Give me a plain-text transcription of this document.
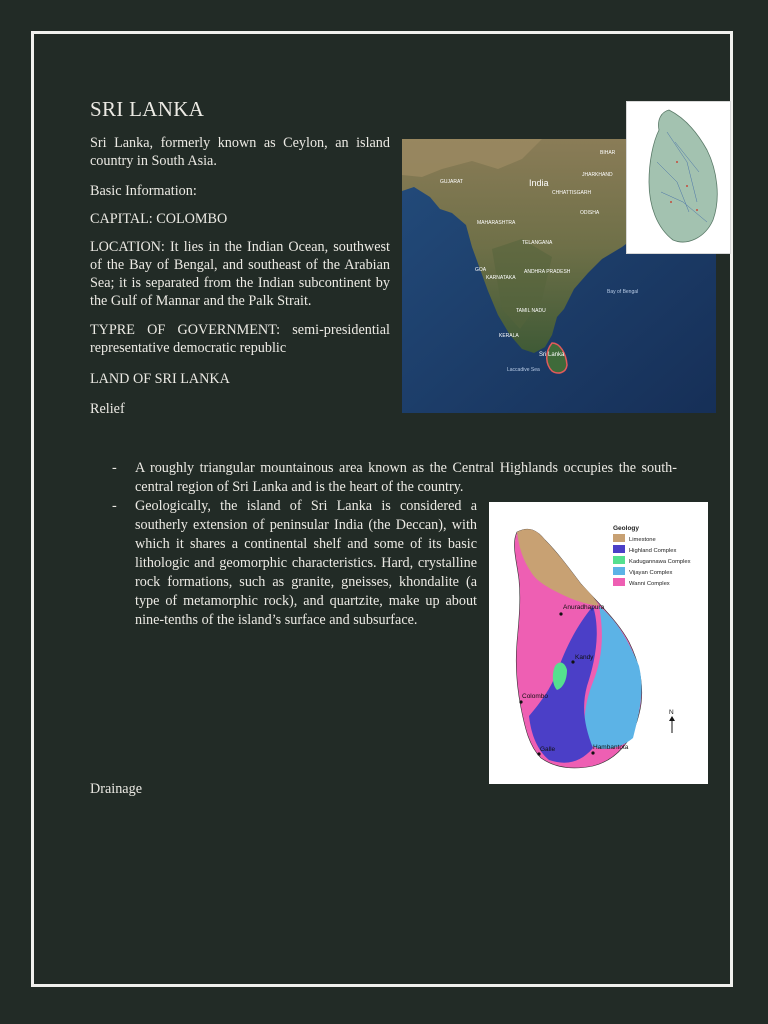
SRI LANKA
Sri Lanka, formerly known as Ceylon, an island country in South Asia.
Basic Information:
CAPITAL: COLOMBO
LOCATION: It lies in the Indian Ocean, southwest of the Bay of Bengal, and southeast of the Arabian Sea; it is separated from the Indian subcontinent by the Gulf of Mannar and the Palk Strait.
TYPRE OF GOVERNMENT: semi-presidential representative democratic republic
LAND OF SRI LANKA
Relief
- A roughly triangular mountainous area known as the Central Highlands occupies the south-central region of Sri Lanka and is the heart of the country.
- Geologically, the island of Sri Lanka is considered a southerly extension of peninsular India (the Deccan), with which it shares a continental shelf and some of its basic lithologic and geomorphic characteristics. Hard, crystalline rock formations, such as granite, gneisses, khondalite (a type of metamorphic rock), and quartzite, make up about nine-tenths of the island’s surface and subsurface.
Drainage
India
Sri Lanka
Bay of Bengal
Laccadive Sea
GUJARAT
BIHAR
JHARKHAND
CHHATTISGARH
ODISHA
MAHARASHTRA
TELANGANA
GOA
KARNATAKA
ANDHRA PRADESH
TAMIL NADU
KERALA
Geology
Limestone
Highland Complex
Kadugannawa Complex
Vijayan Complex
Wanni Complex
Anuradhapura
Kandy
Colombo
Galle	Hambantota
N
